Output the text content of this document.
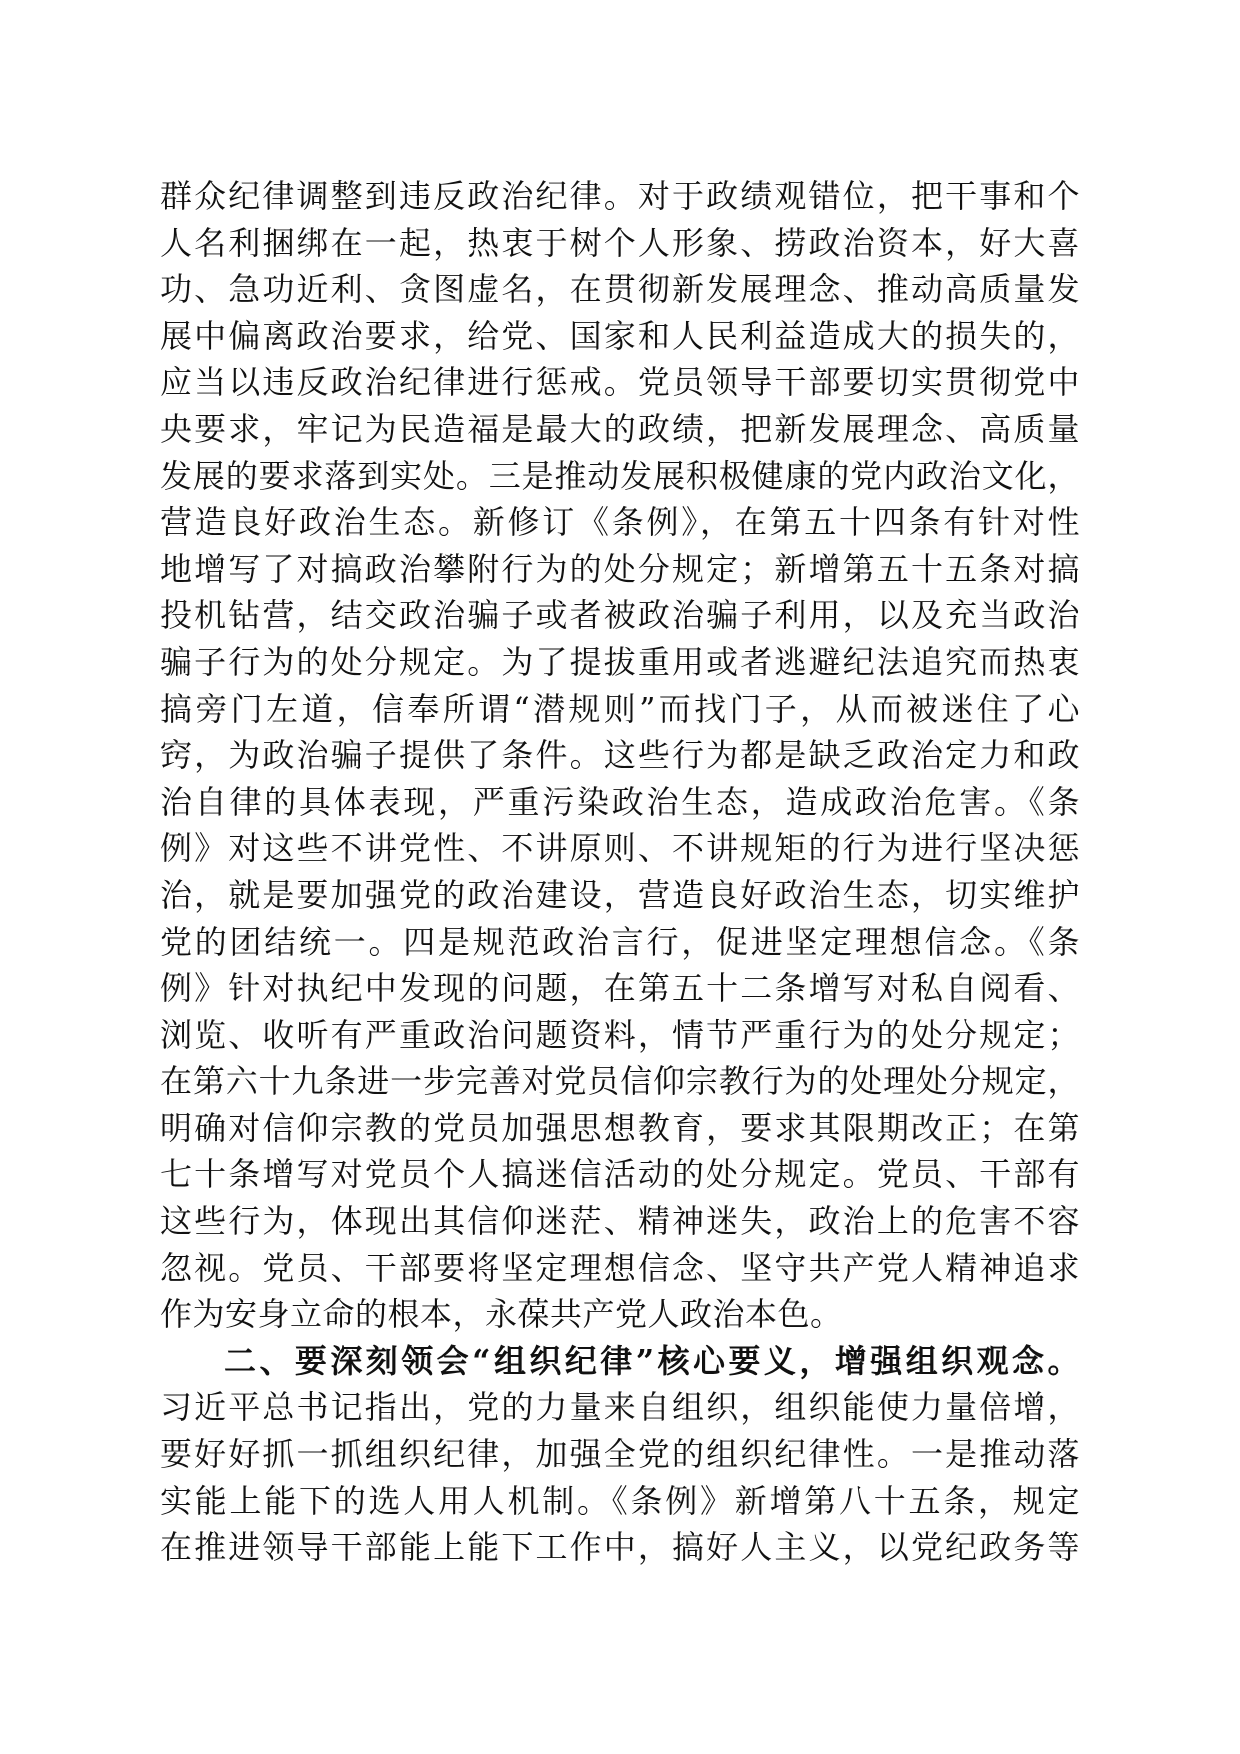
群众纪律调整到违反政治纪律。对于政绩观错位，把干事和个
人名利捆绑在一起，热衷于树个人形象、捞政治资本，好大喜
功、急功近利、贪图虚名，在贯彻新发展理念、推动高质量发
展中偏离政治要求，给党、国家和人民利益造成大的损失的，
应当以违反政治纪律进行惩戒。党员领导干部要切实贯彻党中
央要求，牢记为民造福是最大的政绩，把新发展理念、高质量
发展的要求落到实处。三是推动发展积极健康的党内政治文化，
营造良好政治生态。新修订《条例》，在第五十四条有针对性
地增写了对搞政治攀附行为的处分规定；新增第五十五条对搞
投机钻营，结交政治骗子或者被政治骗子利用，以及充当政治
骗子行为的处分规定。为了提拔重用或者逃避纪法追究而热衷
搞旁门左道，信奉所谓“潜规则”而找门子，从而被迷住了心
窍，为政治骗子提供了条件。这些行为都是缺乏政治定力和政
治自律的具体表现，严重污染政治生态，造成政治危害。《条
例》对这些不讲党性、不讲原则、不讲规矩的行为进行坚决惩
治，就是要加强党的政治建设，营造良好政治生态，切实维护
党的团结统一。四是规范政治言行，促进坚定理想信念。《条
例》针对执纪中发现的问题，在第五十二条增写对私自阅看、
浏览、收听有严重政治问题资料，情节严重行为的处分规定；
在第六十九条进一步完善对党员信仰宗教行为的处理处分规定，
明确对信仰宗教的党员加强思想教育，要求其限期改正；在第
七十条增写对党员个人搞迷信活动的处分规定。党员、干部有
这些行为，体现出其信仰迷茫、精神迷失，政治上的危害不容
忽视。党员、干部要将坚定理想信念、坚守共产党人精神追求
作为安身立命的根本，永葆共产党人政治本色。
二、要深刻领会“组织纪律”核心要义，增强组织观念。
习近平总书记指出，党的力量来自组织，组织能使力量倍增，
要好好抓一抓组织纪律，加强全党的组织纪律性。一是推动落
实能上能下的选人用人机制。《条例》新增第八十五条，规定
在推进领导干部能上能下工作中，搞好人主义，以党纪政务等
